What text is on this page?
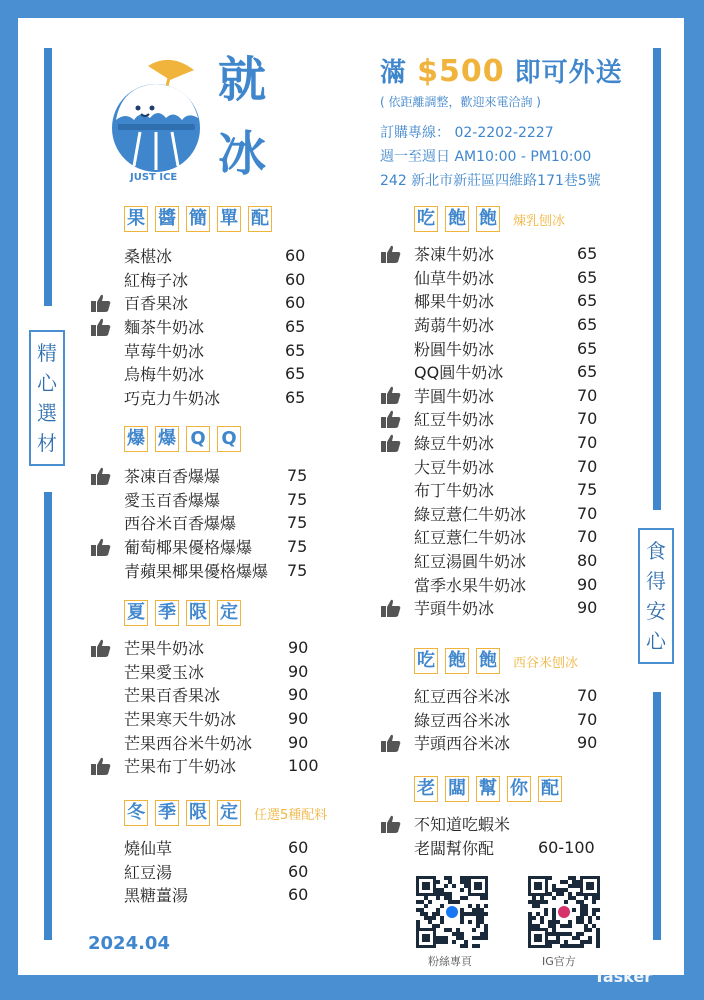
精
心
選
材
食
得
安
心
JUST ICE
就
冰
滿 $500 即可外送
( 依距離調整，歡迎來電洽詢 )
訂購專線： 02-2202-2227
週一至週日 AM10:00 - PM10:00
242 新北市新莊區四維路171巷5號
果 醬 簡 單 配
桑椹冰	60
紅梅子冰	60
百香果冰	60
麵茶牛奶冰	65
草莓牛奶冰	65
烏梅牛奶冰	65
巧克力牛奶冰	65
爆 爆 Q Q
茶凍百香爆爆	75
愛玉百香爆爆	75
西谷米百香爆爆	75
葡萄椰果優格爆爆 75
青蘋果椰果優格爆爆 75
夏 季 限 定
芒果牛奶冰	90
芒果愛玉冰	90
芒果百香果冰	90
芒果寒天牛奶冰	90
芒果西谷米牛奶冰 90
芒果布丁牛奶冰	100
冬 季 限 定 任選5種配料
燒仙草	60
紅豆湯	60
黑糖薑湯	60
吃 飽 飽 煉乳刨冰
茶凍牛奶冰	65
仙草牛奶冰	65
椰果牛奶冰	65
蒟蒻牛奶冰	65
粉圓牛奶冰	65
QQ圓牛奶冰	65
芋圓牛奶冰	70
紅豆牛奶冰	70
綠豆牛奶冰	70
大豆牛奶冰	70
布丁牛奶冰	75
綠豆薏仁牛奶冰	70
紅豆薏仁牛奶冰	70
紅豆湯圓牛奶冰	80
當季水果牛奶冰	90
芋頭牛奶冰	90
吃 飽 飽 西谷米刨冰
紅豆西谷米冰	70
綠豆西谷米冰	70
芋頭西谷米冰	90
老 闆 幫 你 配
不知道吃蝦米
老闆幫你配	60-100
粉絲專頁	IG官方
2024.04
Tasker
